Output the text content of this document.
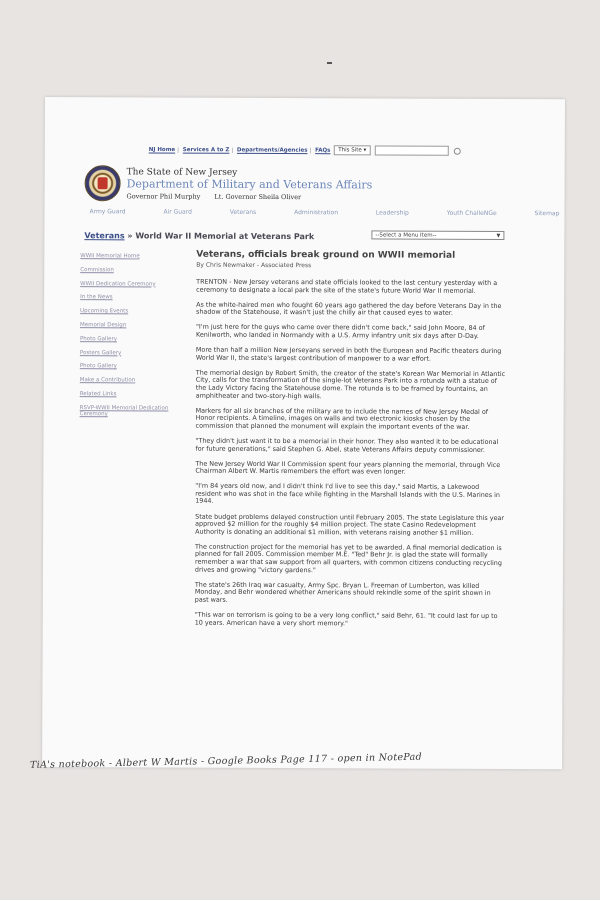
NJ Home | Services A to Z | Departments/Agencies | FAQs This Site ▾
The State of New Jersey
Department of Military and Veterans Affairs
Governor Phil Murphy Lt. Governor Sheila Oliver
Army Guard	Air Guard	Veterans	Administration	Leadership	Youth ChalleNGe	Sitemap
Veterans » World War II Memorial at Veterans Park	--Select a Menu Item--	▼
WWII Memorial Home
Commission
WWII Dedication Ceremony
In the News
Upcoming Events
Memorial Design
Photo Gallery
Posters Gallery
Photo Gallery
Make a Contribution
Related Links
RSVP-WWII Memorial Dedication Ceremony
Veterans, officials break ground on WWII memorial
By Chris Newmaker - Associated Press

TRENTON - New Jersey veterans and state officials looked to the last century yesterday with a ceremony to designate a local park the site of the state's future World War II memorial.

As the white-haired men who fought 60 years ago gathered the day before Veterans Day in the shadow of the Statehouse, it wasn't just the chilly air that caused eyes to water.

"I'm just here for the guys who came over there didn't come back," said John Moore, 84 of Kenilworth, who landed in Normandy with a U.S. Army infantry unit six days after D-Day.

More than half a million New Jerseyans served in both the European and Pacific theaters during World War II, the state's largest contribution of manpower to a war effort.

The memorial design by Robert Smith, the creator of the state's Korean War Memorial in Atlantic City, calls for the transformation of the single-lot Veterans Park into a rotunda with a statue of the Lady Victory facing the Statehouse dome. The rotunda is to be framed by fountains, an amphitheater and two-story-high walls.

Markers for all six branches of the military are to include the names of New Jersey Medal of Honor recipients. A timeline, images on walls and two electronic kiosks chosen by the commission that planned the monument will explain the important events of the war.

"They didn't just want it to be a memorial in their honor. They also wanted it to be educational for future generations," said Stephen G. Abel, state Veterans Affairs deputy commissioner.

The New Jersey World War II Commission spent four years planning the memorial, through Vice Chairman Albert W. Martis remembers the effort was even longer.

"I'm 84 years old now, and I didn't think I'd live to see this day," said Martis, a Lakewood resident who was shot in the face while fighting in the Marshall Islands with the U.S. Marines in 1944.

State budget problems delayed construction until February 2005. The state Legislature this year approved $2 million for the roughly $4 million project. The state Casino Redevelopment Authority is donating an additional $1 million, with veterans raising another $1 million.

The construction project for the memorial has yet to be awarded. A final memorial dedication is planned for fall 2005. Commission member M.E. "Ted" Behr Jr. is glad the state will formally remember a war that saw support from all quarters, with common citizens conducting recycling drives and growing "victory gardens."

The state's 26th Iraq war casualty, Army Spc. Bryan L. Freeman of Lumberton, was killed Monday, and Behr wondered whether Americans should rekindle some of the spirit shown in past wars.

"This war on terrorism is going to be a very long conflict," said Behr, 61. "It could last for up to 10 years. American have a very short memory."

TiA's notebook - Albert W Martis - Google Books Page 117 - open in NotePad
